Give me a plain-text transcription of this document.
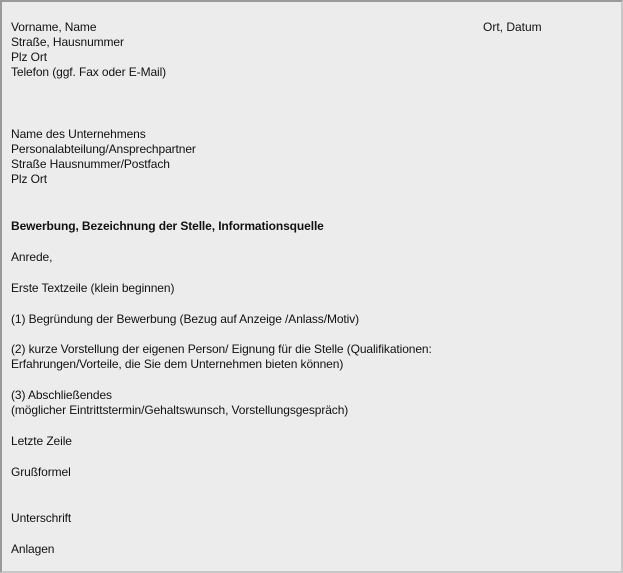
Vorname, Name	Ort, Datum
Straße, Hausnummer
Plz Ort
Telefon (ggf. Fax oder E-Mail)
Name des Unternehmens
Personalabteilung/Ansprechpartner
Straße Hausnummer/Postfach
Plz Ort
Bewerbung, Bezeichnung der Stelle, Informationsquelle
Anrede,
Erste Textzeile (klein beginnen)
(1) Begründung der Bewerbung (Bezug auf Anzeige /Anlass/Motiv)
(2) kurze Vorstellung der eigenen Person/ Eignung für die Stelle (Qualifikationen:
Erfahrungen/Vorteile, die Sie dem Unternehmen bieten können)
(3) Abschließendes
(möglicher Eintrittstermin/Gehaltswunsch, Vorstellungsgespräch)
Letzte Zeile
Grußformel
Unterschrift
Anlagen
